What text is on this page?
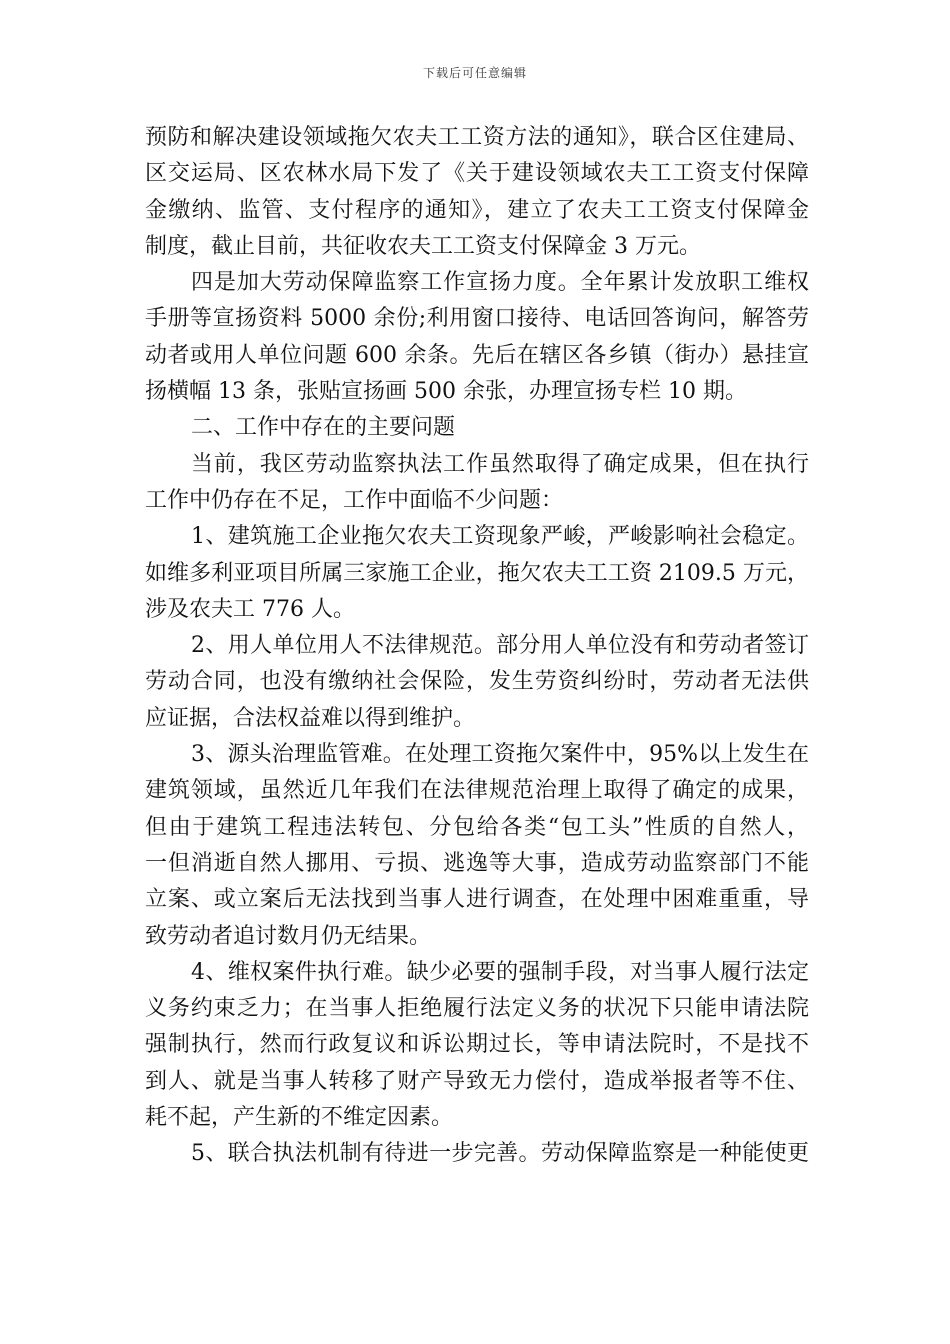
下载后可任意编辑
预防和解决建设领域拖欠农夫工工资方法的通知》，联合区住建局、
区交运局、区农林水局下发了《关于建设领域农夫工工资支付保障
金缴纳、监管、支付程序的通知》，建立了农夫工工资支付保障金
制度，截止目前，共征收农夫工工资支付保障金 3 万元。
四是加大劳动保障监察工作宣扬力度。全年累计发放职工维权
手册等宣扬资料 5000 余份;利用窗口接待、电话回答询问，解答劳
动者或用人单位问题 600 余条。先后在辖区各乡镇（街办）悬挂宣
扬横幅 13 条，张贴宣扬画 500 余张，办理宣扬专栏 10 期。
二、工作中存在的主要问题
当前，我区劳动监察执法工作虽然取得了确定成果，但在执行
工作中仍存在不足，工作中面临不少问题：
1、建筑施工企业拖欠农夫工资现象严峻，严峻影响社会稳定。
如维多利亚项目所属三家施工企业，拖欠农夫工工资 2109.5 万元，
涉及农夫工 776 人。
2、用人单位用人不法律规范。部分用人单位没有和劳动者签订
劳动合同，也没有缴纳社会保险，发生劳资纠纷时，劳动者无法供
应证据，合法权益难以得到维护。
3、源头治理监管难。在处理工资拖欠案件中，95%以上发生在
建筑领域，虽然近几年我们在法律规范治理上取得了确定的成果，
但由于建筑工程违法转包、分包给各类“包工头”性质的自然人，
一但消逝自然人挪用、亏损、逃逸等大事，造成劳动监察部门不能
立案、或立案后无法找到当事人进行调查，在处理中困难重重，导
致劳动者追讨数月仍无结果。
4、维权案件执行难。缺少必要的强制手段，对当事人履行法定
义务约束乏力；在当事人拒绝履行法定义务的状况下只能申请法院
强制执行，然而行政复议和诉讼期过长，等申请法院时，不是找不
到人、就是当事人转移了财产导致无力偿付，造成举报者等不住、
耗不起，产生新的不维定因素。
5、联合执法机制有待进一步完善。劳动保障监察是一种能使更
